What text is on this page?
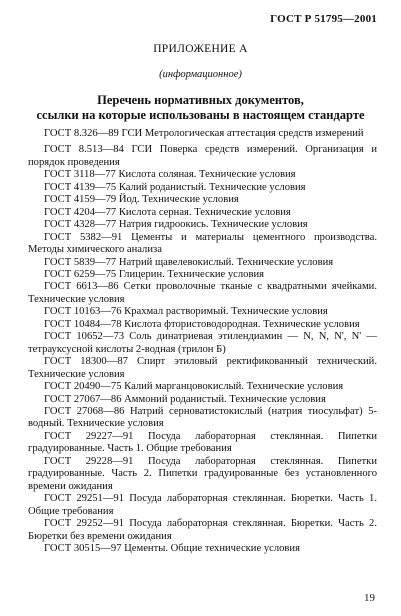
ГОСТ Р 51795—2001
ПРИЛОЖЕНИЕ А
(информационное)
Перечень нормативных документов,
ссылки на которые использованы в настоящем стандарте
ГОСТ 8.326—89 ГСИ Метрологическая аттестация средств измерений
ГОСТ 8.513—84 ГСИ Поверка средств измерений. Организация и порядок проведения
ГОСТ 3118—77 Кислота соляная. Технические условия
ГОСТ 4139—75 Калий роданистый. Технические условия
ГОСТ 4159—79 Йод. Технические условия
ГОСТ 4204—77 Кислота серная. Технические условия
ГОСТ 4328—77 Натрия гидроокись. Технические условия
ГОСТ 5382—91 Цементы и материалы цементного производства. Методы химического анализа
ГОСТ 5839—77 Натрий щавелевокислый. Технические условия
ГОСТ 6259—75 Глицерин. Технические условия
ГОСТ 6613—86 Сетки проволочные тканые с квадратными ячейками. Технические условия
ГОСТ 10163—76 Крахмал растворимый. Технические условия
ГОСТ 10484—78 Кислота фтористоводородная. Технические условия
ГОСТ 10652—73 Соль динатриевая этилендиамин — N, N, N', N' — тетрауксусной кислоты 2-водная (трилон Б)
ГОСТ 18300—87 Спирт этиловый ректификованный технический. Технические условия
ГОСТ 20490—75 Калий марганцовокислый. Технические условия
ГОСТ 27067—86 Аммоний роданистый. Технические условия
ГОСТ 27068—86 Натрий серноватистокислый (натрия тиосульфат) 5-водный. Технические условия
ГОСТ 29227—91 Посуда лабораторная стеклянная. Пипетки градуированные. Часть 1. Общие требования
ГОСТ 29228—91 Посуда лабораторная стеклянная. Пипетки градуированные. Часть 2. Пипетки градуированные без установленного времени ожидания
ГОСТ 29251—91 Посуда лабораторная стеклянная. Бюретки. Часть 1. Общие требования
ГОСТ 29252—91 Посуда лабораторная стеклянная. Бюретки. Часть 2. Бюретки без времени ожидания
ГОСТ 30515—97 Цементы. Общие технические условия
19
